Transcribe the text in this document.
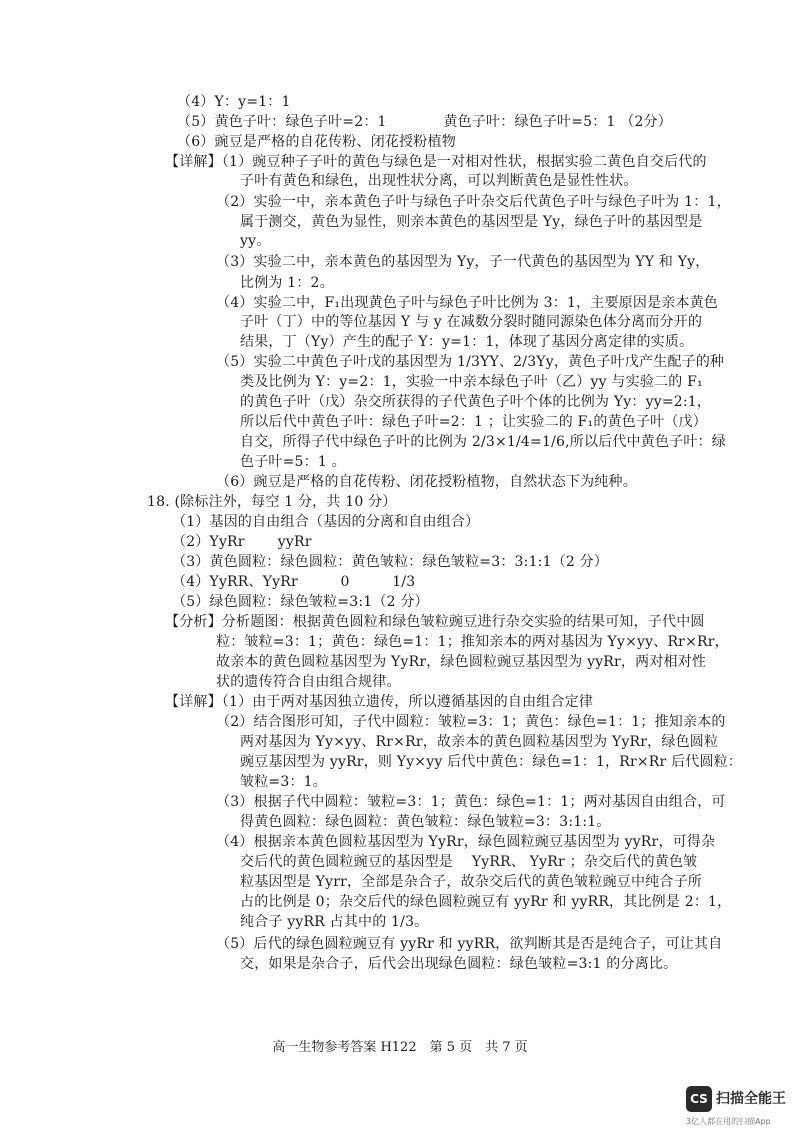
（4）Y：y=1：1
（5）黄色子叶：绿色子叶=2：1　　　　黄色子叶：绿色子叶=5：1 （2分）
（6）豌豆是严格的自花传粉、闭花授粉植物
【详解】（1）豌豆种子子叶的黄色与绿色是一对相对性状，根据实验二黄色自交后代的
子叶有黄色和绿色，出现性状分离，可以判断黄色是显性性状。
（2）实验一中，亲本黄色子叶与绿色子叶杂交后代黄色子叶与绿色子叶为 1：1，
属于测交，黄色为显性，则亲本黄色的基因型是 Yy，绿色子叶的基因型是
yy。
（3）实验二中，亲本黄色的基因型为 Yy，子一代黄色的基因型为 YY 和 Yy，
比例为 1：2。
（4）实验二中，F₁出现黄色子叶与绿色子叶比例为 3：1，主要原因是亲本黄色
子叶（丁）中的等位基因 Y 与 y 在减数分裂时随同源染色体分离而分开的
结果，丁（Yy）产生的配子 Y：y=1：1，体现了基因分离定律的实质。
（5）实验二中黄色子叶戊的基因型为 1/3YY、2/3Yy，黄色子叶戊产生配子的种
类及比例为 Y：y=2：1，实验一中亲本绿色子叶（乙）yy 与实验二的 F₁
的黄色子叶（戊）杂交所获得的子代黄色子叶个体的比例为 Yy：yy=2:1，
所以后代中黄色子叶：绿色子叶=2：1 ；让实验二的 F₁的黄色子叶（戊）
自交，所得子代中绿色子叶的比例为 2/3×1/4=1/6,所以后代中黄色子叶：绿
色子叶=5：1 。
（6）豌豆是严格的自花传粉、闭花授粉植物，自然状态下为纯种。
18. (除标注外，每空 1 分，共 10 分）
（1）基因的自由组合（基因的分离和自由组合）
（2）YyRr　　 yyRr
（3）黄色圆粒：绿色圆粒：黄色皱粒：绿色皱粒=3：3:1:1（2 分）
（4）YyRR、YyRr　　　0　　　1/3
（5）绿色圆粒：绿色皱粒=3:1（2 分）
【分析】分析题图：根据黄色圆粒和绿色皱粒豌豆进行杂交实验的结果可知，子代中圆
粒：皱粒=3：1；黄色：绿色=1：1；推知亲本的两对基因为 Yy×yy、Rr×Rr，
故亲本的黄色圆粒基因型为 YyRr，绿色圆粒豌豆基因型为 yyRr，两对相对性
状的遗传符合自由组合规律。
【详解】（1）由于两对基因独立遗传，所以遵循基因的自由组合定律
（2）结合图形可知，子代中圆粒：皱粒=3：1；黄色：绿色=1：1；推知亲本的
两对基因为 Yy×yy、Rr×Rr，故亲本的黄色圆粒基因型为 YyRr，绿色圆粒
豌豆基因型为 yyRr，则 Yy×yy 后代中黄色：绿色=1：1，Rr×Rr 后代圆粒：
皱粒=3：1。
（3）根据子代中圆粒：皱粒=3：1；黄色：绿色=1：1；两对基因自由组合，可
得黄色圆粒：绿色圆粒：黄色皱粒：绿色皱粒=3：3:1:1。
（4）根据亲本黄色圆粒基因型为 YyRr，绿色圆粒豌豆基因型为 yyRr，可得杂
交后代的黄色圆粒豌豆的基因型是　 YyRR、 YyRr ；杂交后代的黄色皱
粒基因型是 Yyrr，全部是杂合子，故杂交后代的黄色皱粒豌豆中纯合子所
占的比例是 0；杂交后代的绿色圆粒豌豆有 yyRr 和 yyRR，其比例是 2：1，
纯合子 yyRR 占其中的 1/3。
（5）后代的绿色圆粒豌豆有 yyRr 和 yyRR，欲判断其是否是纯合子，可让其自
交，如果是杂合子，后代会出现绿色圆粒：绿色皱粒=3:1 的分离比。
高一生物参考答案 H122　第 5 页　共 7 页
CS 扫描全能王
3亿人都在用的扫描App
